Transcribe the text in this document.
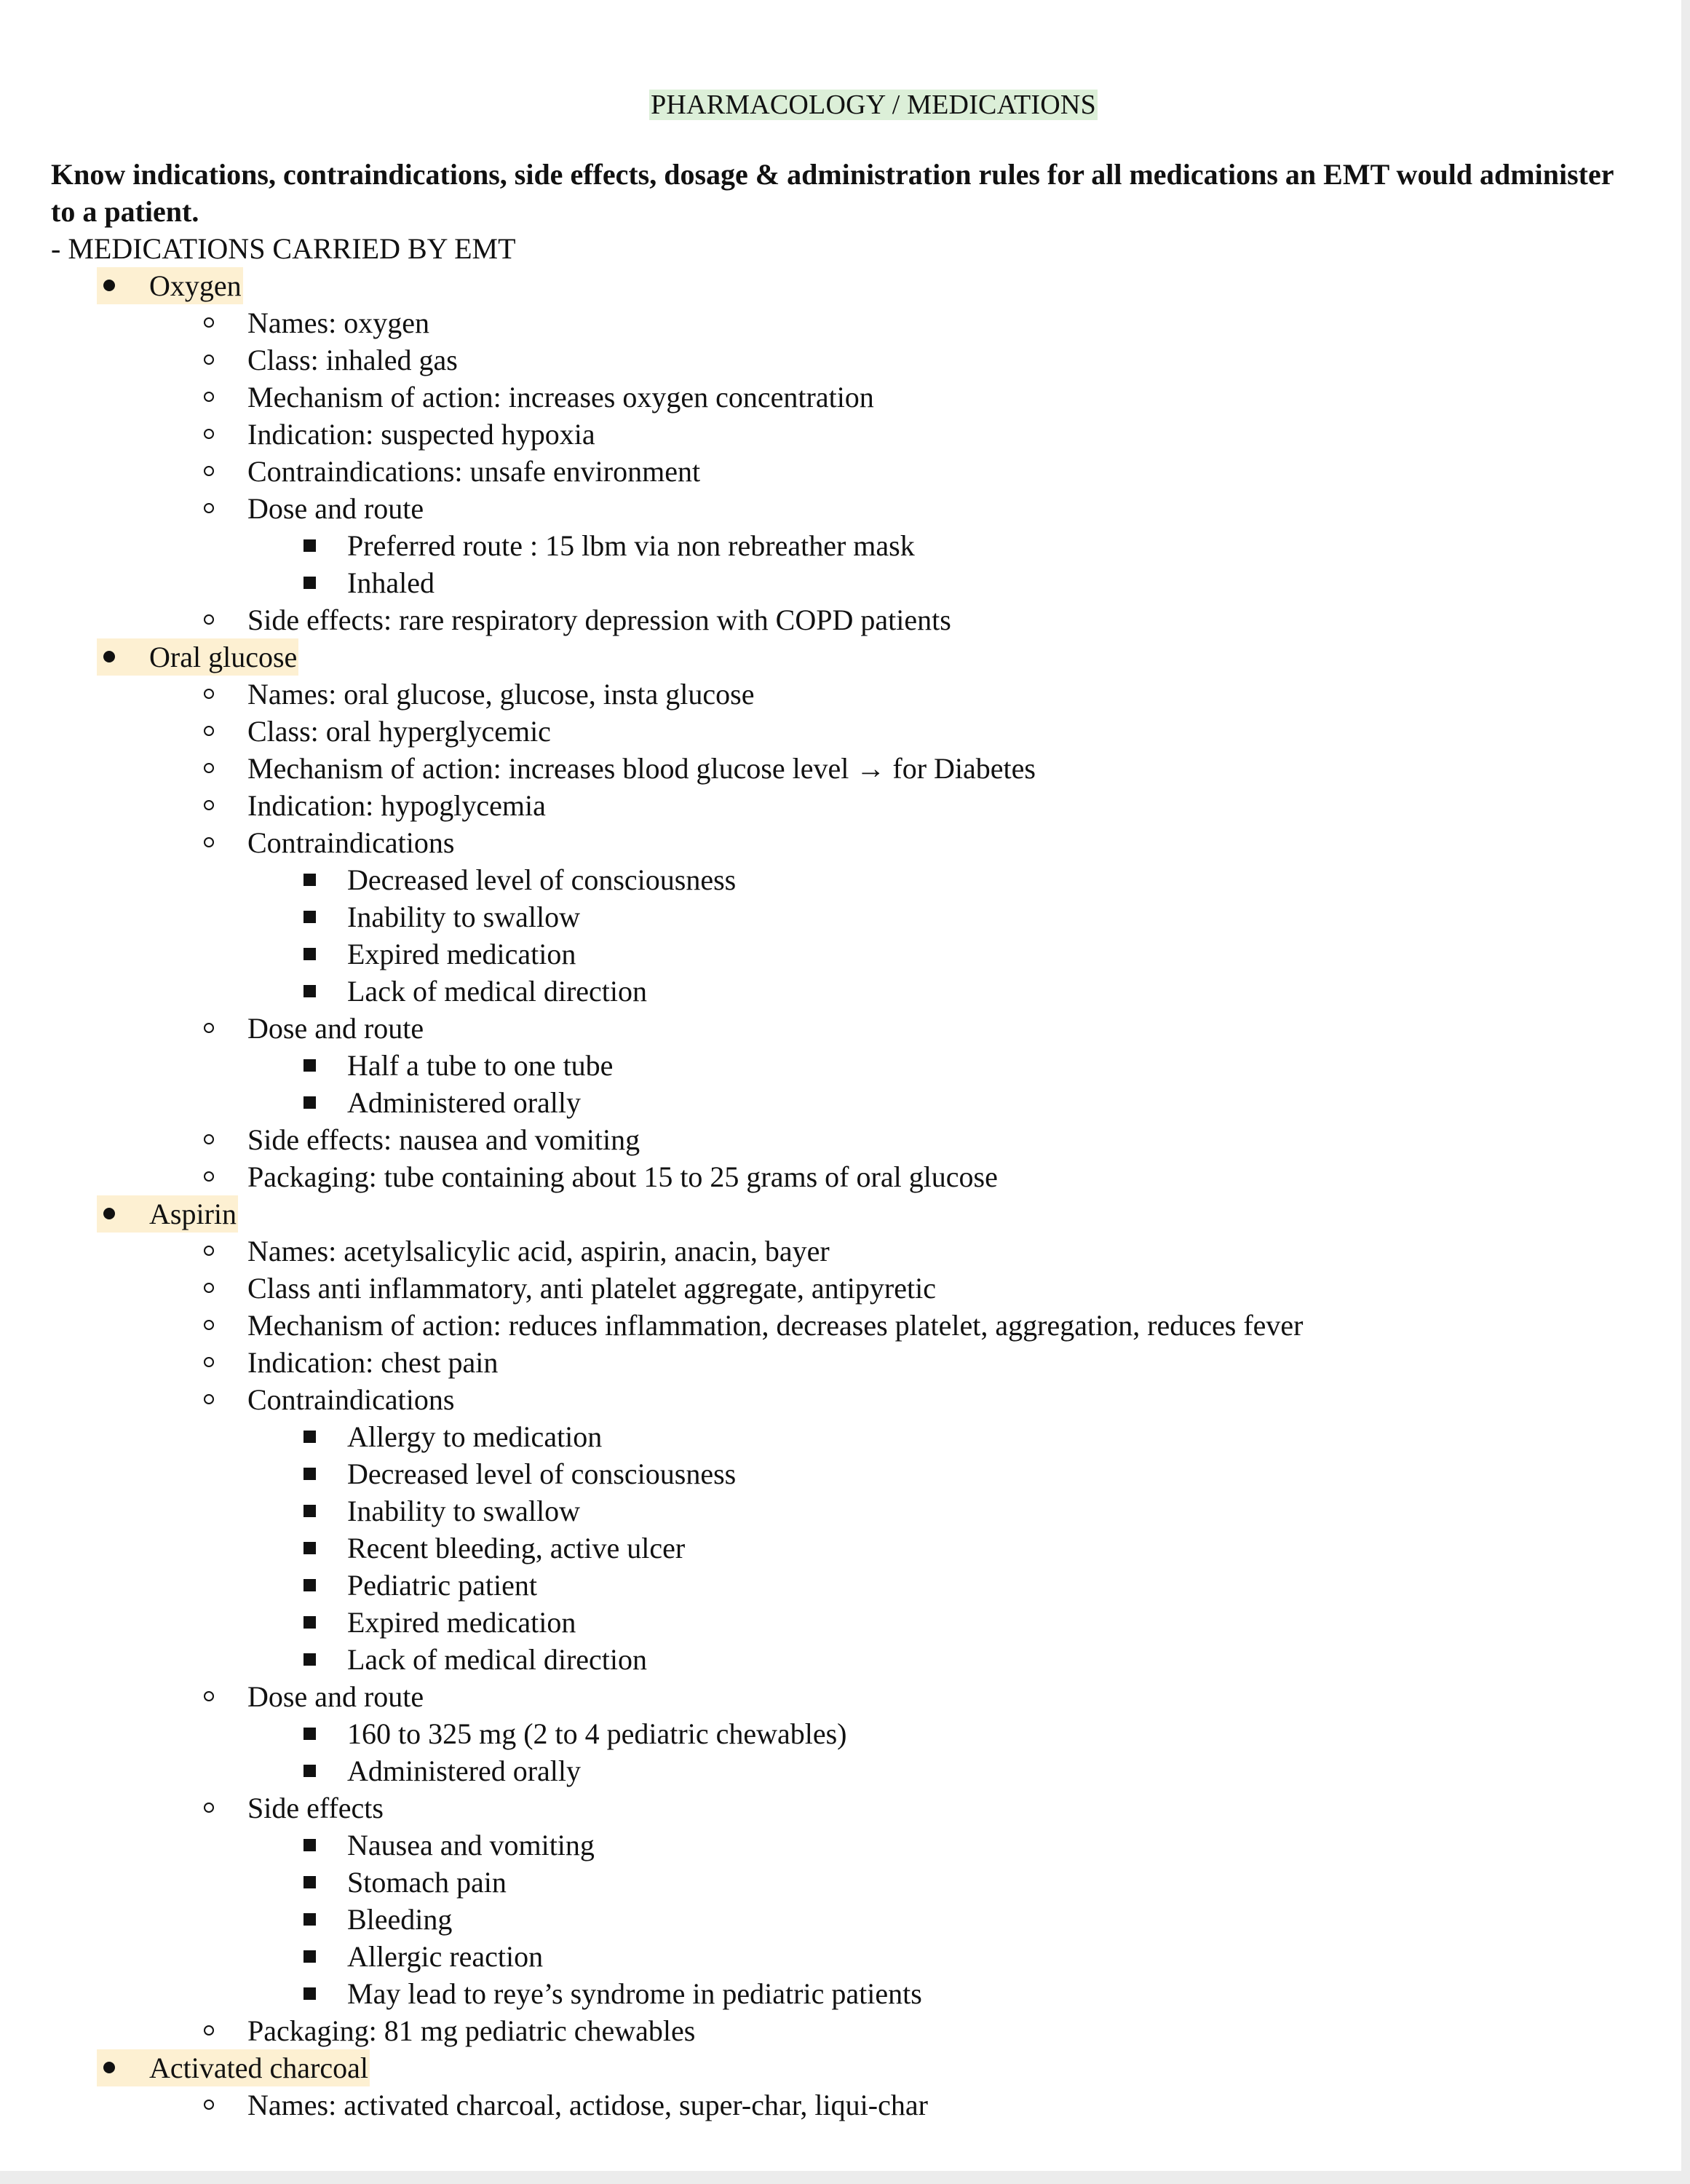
PHARMACOLOGY / MEDICATIONS
Know indications, contraindications, side effects, dosage & administration rules for all medications an EMT would administer to a patient.
- MEDICATIONS CARRIED BY EMT
Oxygen
Names: oxygen
Class: inhaled gas
Mechanism of action: increases oxygen concentration
Indication: suspected hypoxia
Contraindications: unsafe environment
Dose and route
Preferred route : 15 lbm via non rebreather mask
Inhaled
Side effects: rare respiratory depression with COPD patients
Oral glucose
Names: oral glucose, glucose, insta glucose
Class: oral hyperglycemic
Mechanism of action: increases blood glucose level → for Diabetes
Indication: hypoglycemia
Contraindications
Decreased level of consciousness
Inability to swallow
Expired medication
Lack of medical direction
Dose and route
Half a tube to one tube
Administered orally
Side effects: nausea and vomiting
Packaging: tube containing about 15 to 25 grams of oral glucose
Aspirin
Names: acetylsalicylic acid, aspirin, anacin, bayer
Class anti inflammatory, anti platelet aggregate, antipyretic
Mechanism of action: reduces inflammation, decreases platelet, aggregation, reduces fever
Indication: chest pain
Contraindications
Allergy to medication
Decreased level of consciousness
Inability to swallow
Recent bleeding, active ulcer
Pediatric patient
Expired medication
Lack of medical direction
Dose and route
160 to 325 mg (2 to 4 pediatric chewables)
Administered orally
Side effects
Nausea and vomiting
Stomach pain
Bleeding
Allergic reaction
May lead to reye’s syndrome in pediatric patients
Packaging: 81 mg pediatric chewables
Activated charcoal
Names: activated charcoal, actidose, super-char, liqui-char
